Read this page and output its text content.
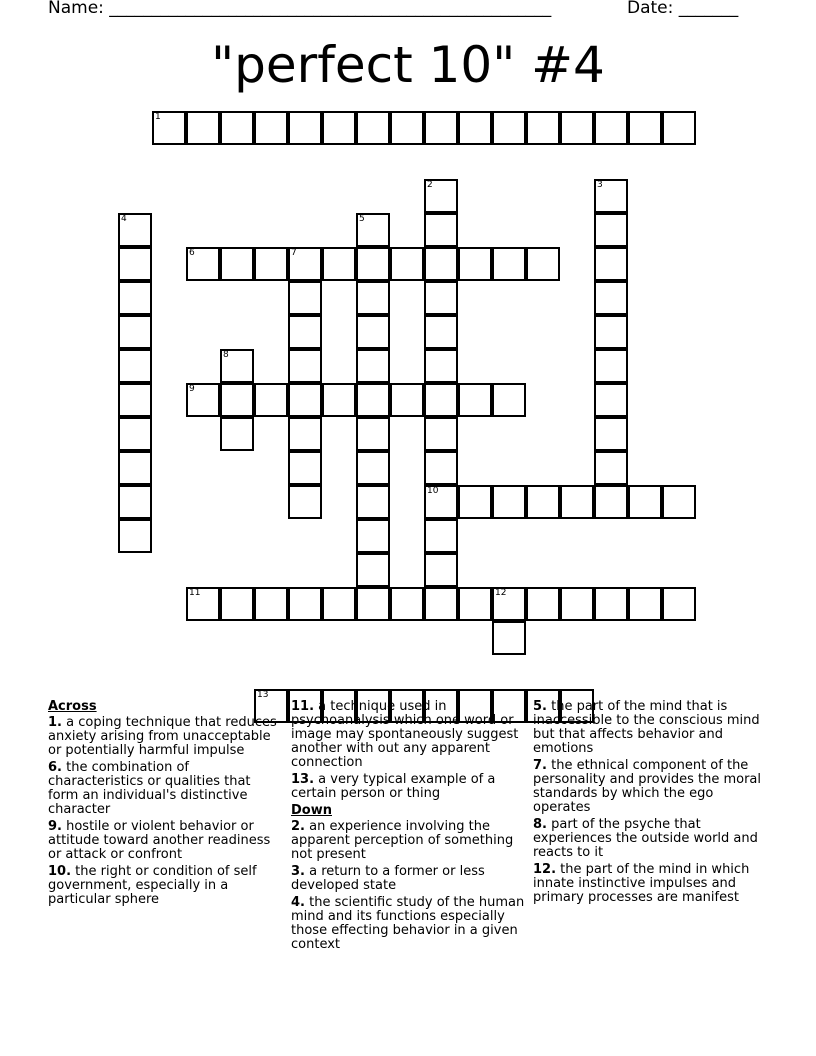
Name: ____________________________________________________	Date: _______
"perfect 10" #4
1
2
10
3
4	5
6	7
8
9
11	12
13
Across
1. a coping technique that reduces anxiety arising from unacceptable or potentially harmful impulse
6. the combination of characteristics or qualities that form an individual's distinctive character
9. hostile or violent behavior or attitude toward another readiness or attack or confront
10. the right or condition of self government, especially in a particular sphere
11. a technique used in psychoanalysis which one word or image may spontaneously suggest another with out any apparent connection
13. a very typical example of a certain person or thing
Down
2. an experience involving the apparent perception of something not present
3. a return to a former or less developed state
4. the scientific study of the human mind and its functions especially those effecting behavior in a given context
5. the part of the mind that is inaccessible to the conscious mind but that affects behavior and emotions
7. the ethnical component of the personality and provides the moral standards by which the ego operates
8. part of the psyche that experiences the outside world and reacts to it
12. the part of the mind in which innate instinctive impulses and primary processes are manifest
